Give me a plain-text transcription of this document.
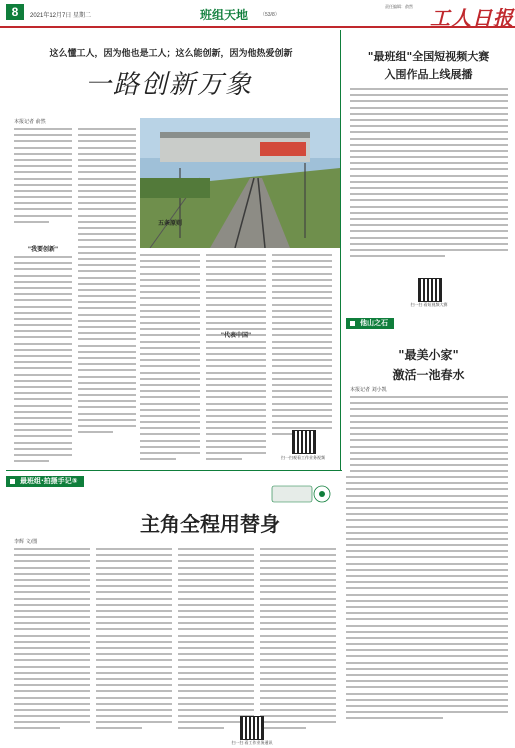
8	2021年12月7日 星期二	班组天地 （53/8）
责任编辑：俞然 工人日报
这么懂工人，因为他也是工人；这么能创新，因为他热爱创新
一路创新万象
本报记者 俞然
"我要创新"
五条原则
"代表中国"
扫一扫观看工作业务视频
"最班组"全国短视频大赛
入围作品上线展播
扫一扫 看短视频大赛
他山之石
"最美小家"
激活一池春水
本报记者 刘小凯
最班组·拍摄手记⑤
主角全程用替身
李辉 文/图
扫一扫 看工作业务通讯
